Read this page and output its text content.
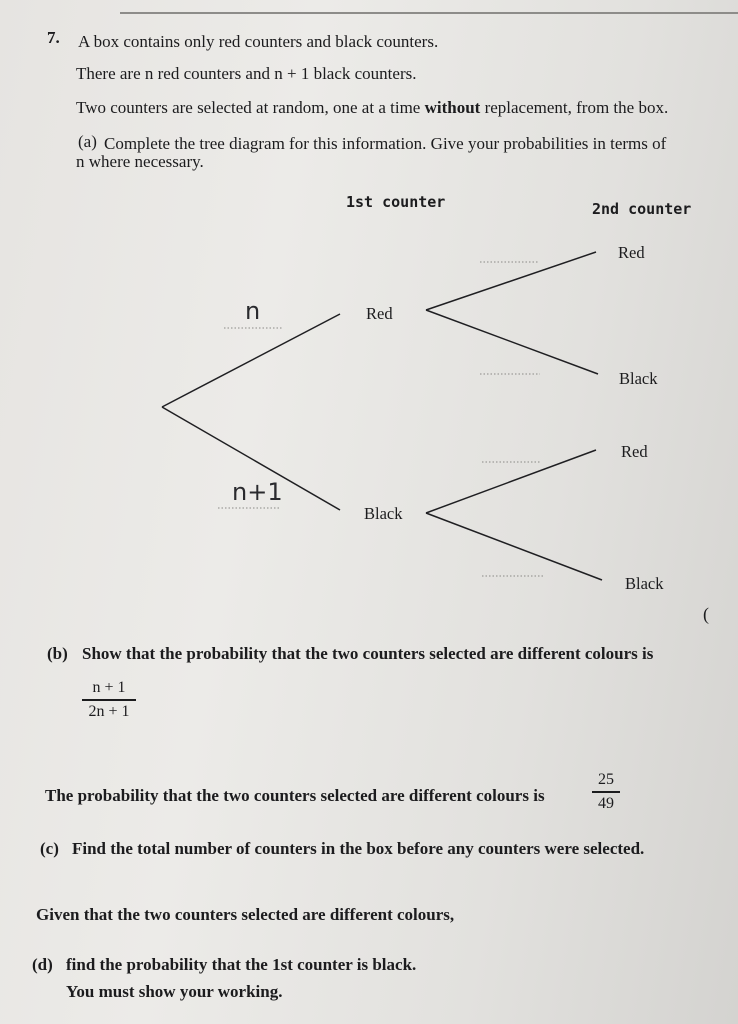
7. A box contains only red counters and black counters.
There are n red counters and n + 1 black counters.
Two counters are selected at random, one at a time without replacement, from the box.
(a) Complete the tree diagram for this information. Give your probabilities in terms of
n where necessary.
1st counter	2nd counter
Red
Black
Red
Black
Red
Black
n
n+1
(
(b) Show that the probability that the two counters selected are different colours is
n + 1
2n + 1
The probability that the two counters selected are different colours is
25
49
(c) Find the total number of counters in the box before any counters were selected.
Given that the two counters selected are different colours,
(d) find the probability that the 1st counter is black.
You must show your working.
